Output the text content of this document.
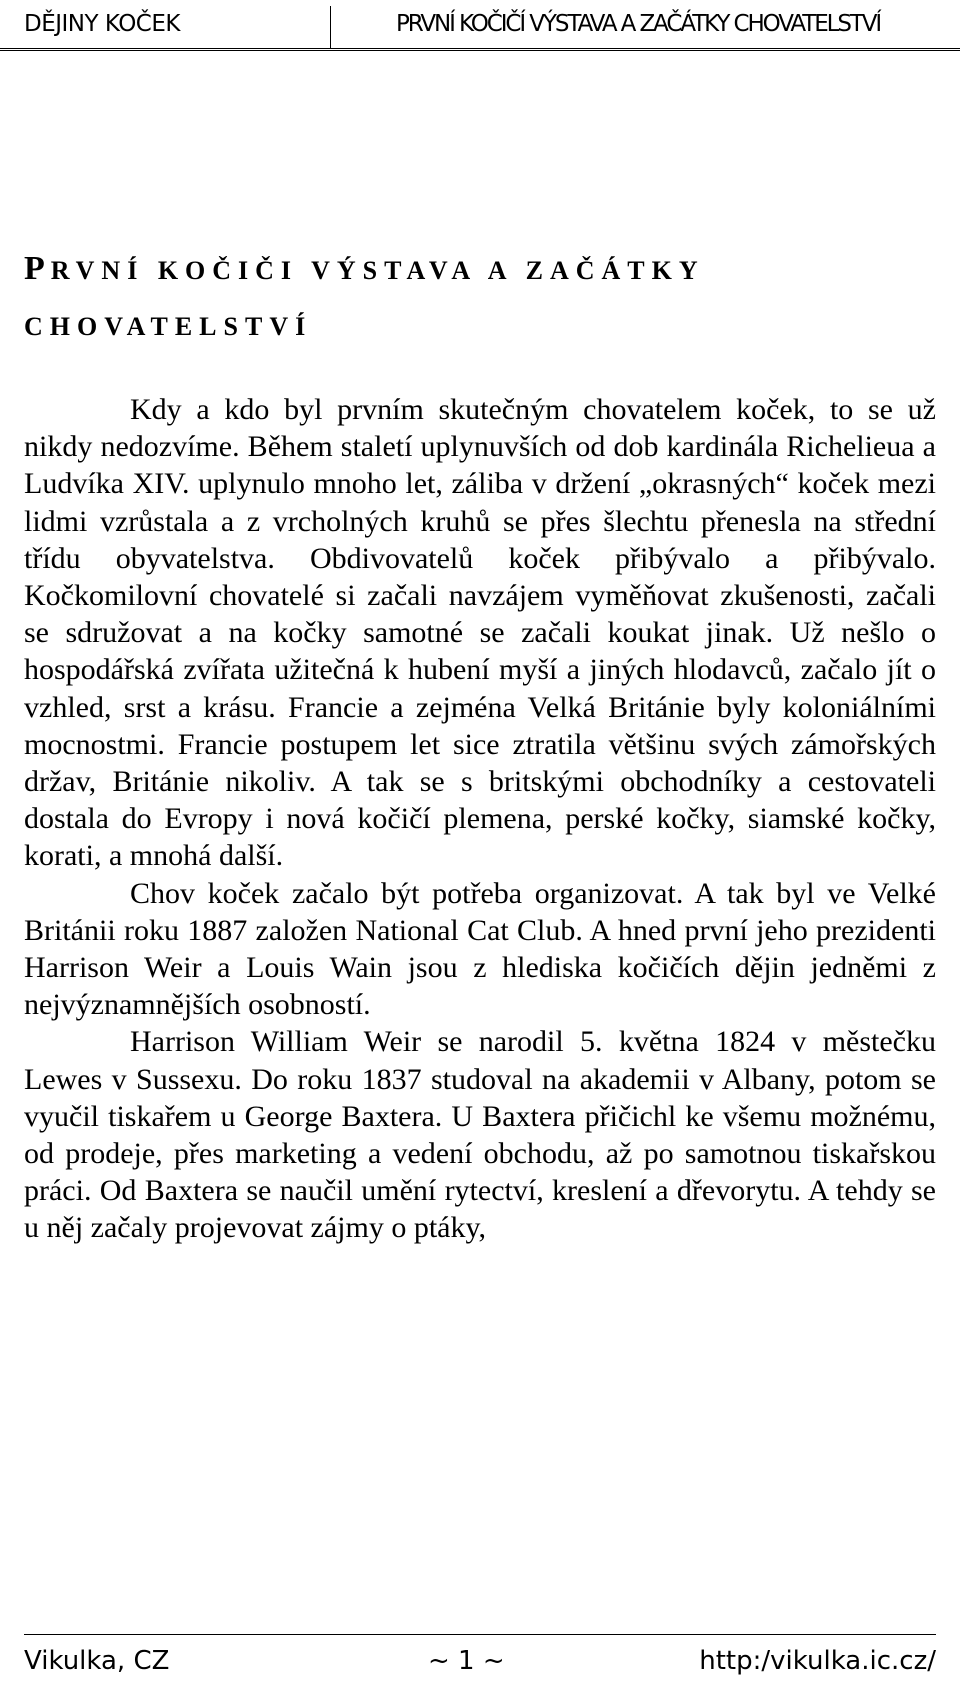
DĚJINY KOČEK	PRVNÍ KOČIČÍ VÝSTAVA A ZAČÁTKY CHOVATELSTVÍ
PRVNÍ KOČIČI VÝSTAVA A ZAČÁTKY
CHOVATELSTVÍ

Kdy a kdo byl prvním skutečným chovatelem koček, to se už nikdy nedozvíme. Během staletí uplynuvších od dob kardinála Richelieua a Ludvíka XIV. uplynulo mnoho let, záliba v držení „okrasných“ koček mezi lidmi vzrůstala a z vrcholných kruhů se přes šlechtu přenesla na střední třídu obyvatelstva. Obdivovatelů koček přibývalo a přibývalo. Kočkomilovní chovatelé si začali navzájem vyměňovat zkušenosti, začali se sdružovat a na kočky samotné se začali koukat jinak. Už nešlo o hospodářská zvířata užitečná k hubení myší a jiných hlodavců, začalo jít o vzhled, srst a krásu. Francie a zejména Velká Británie byly koloniálními mocnostmi. Francie postupem let sice ztratila většinu svých zámořských držav, Británie nikoliv. A tak se s britskými obchodníky a cestovateli dostala do Evropy i nová kočičí plemena, perské kočky, siamské kočky, korati, a mnohá další.

Chov koček začalo být potřeba organizovat. A tak byl ve Velké Británii roku 1887 založen National Cat Club. A hned první jeho prezidenti Harrison Weir a Louis Wain jsou z hlediska kočičích dějin jedněmi z nejvýznamnějších osobností.

Harrison William Weir se narodil 5. května 1824 v městečku Lewes v Sussexu. Do roku 1837 studoval na akademii v Albany, potom se vyučil tiskařem u George Baxtera. U Baxtera přičichl ke všemu možnému, od prodeje, přes marketing a vedení obchodu, až po samotnou tiskařskou práci. Od Baxtera se naučil umění rytectví, kreslení a dřevorytu. A tehdy se u něj začaly projevovat zájmy o ptáky,

Vikulka, CZ	~ 1 ~	http:/vikulka.ic.cz/
